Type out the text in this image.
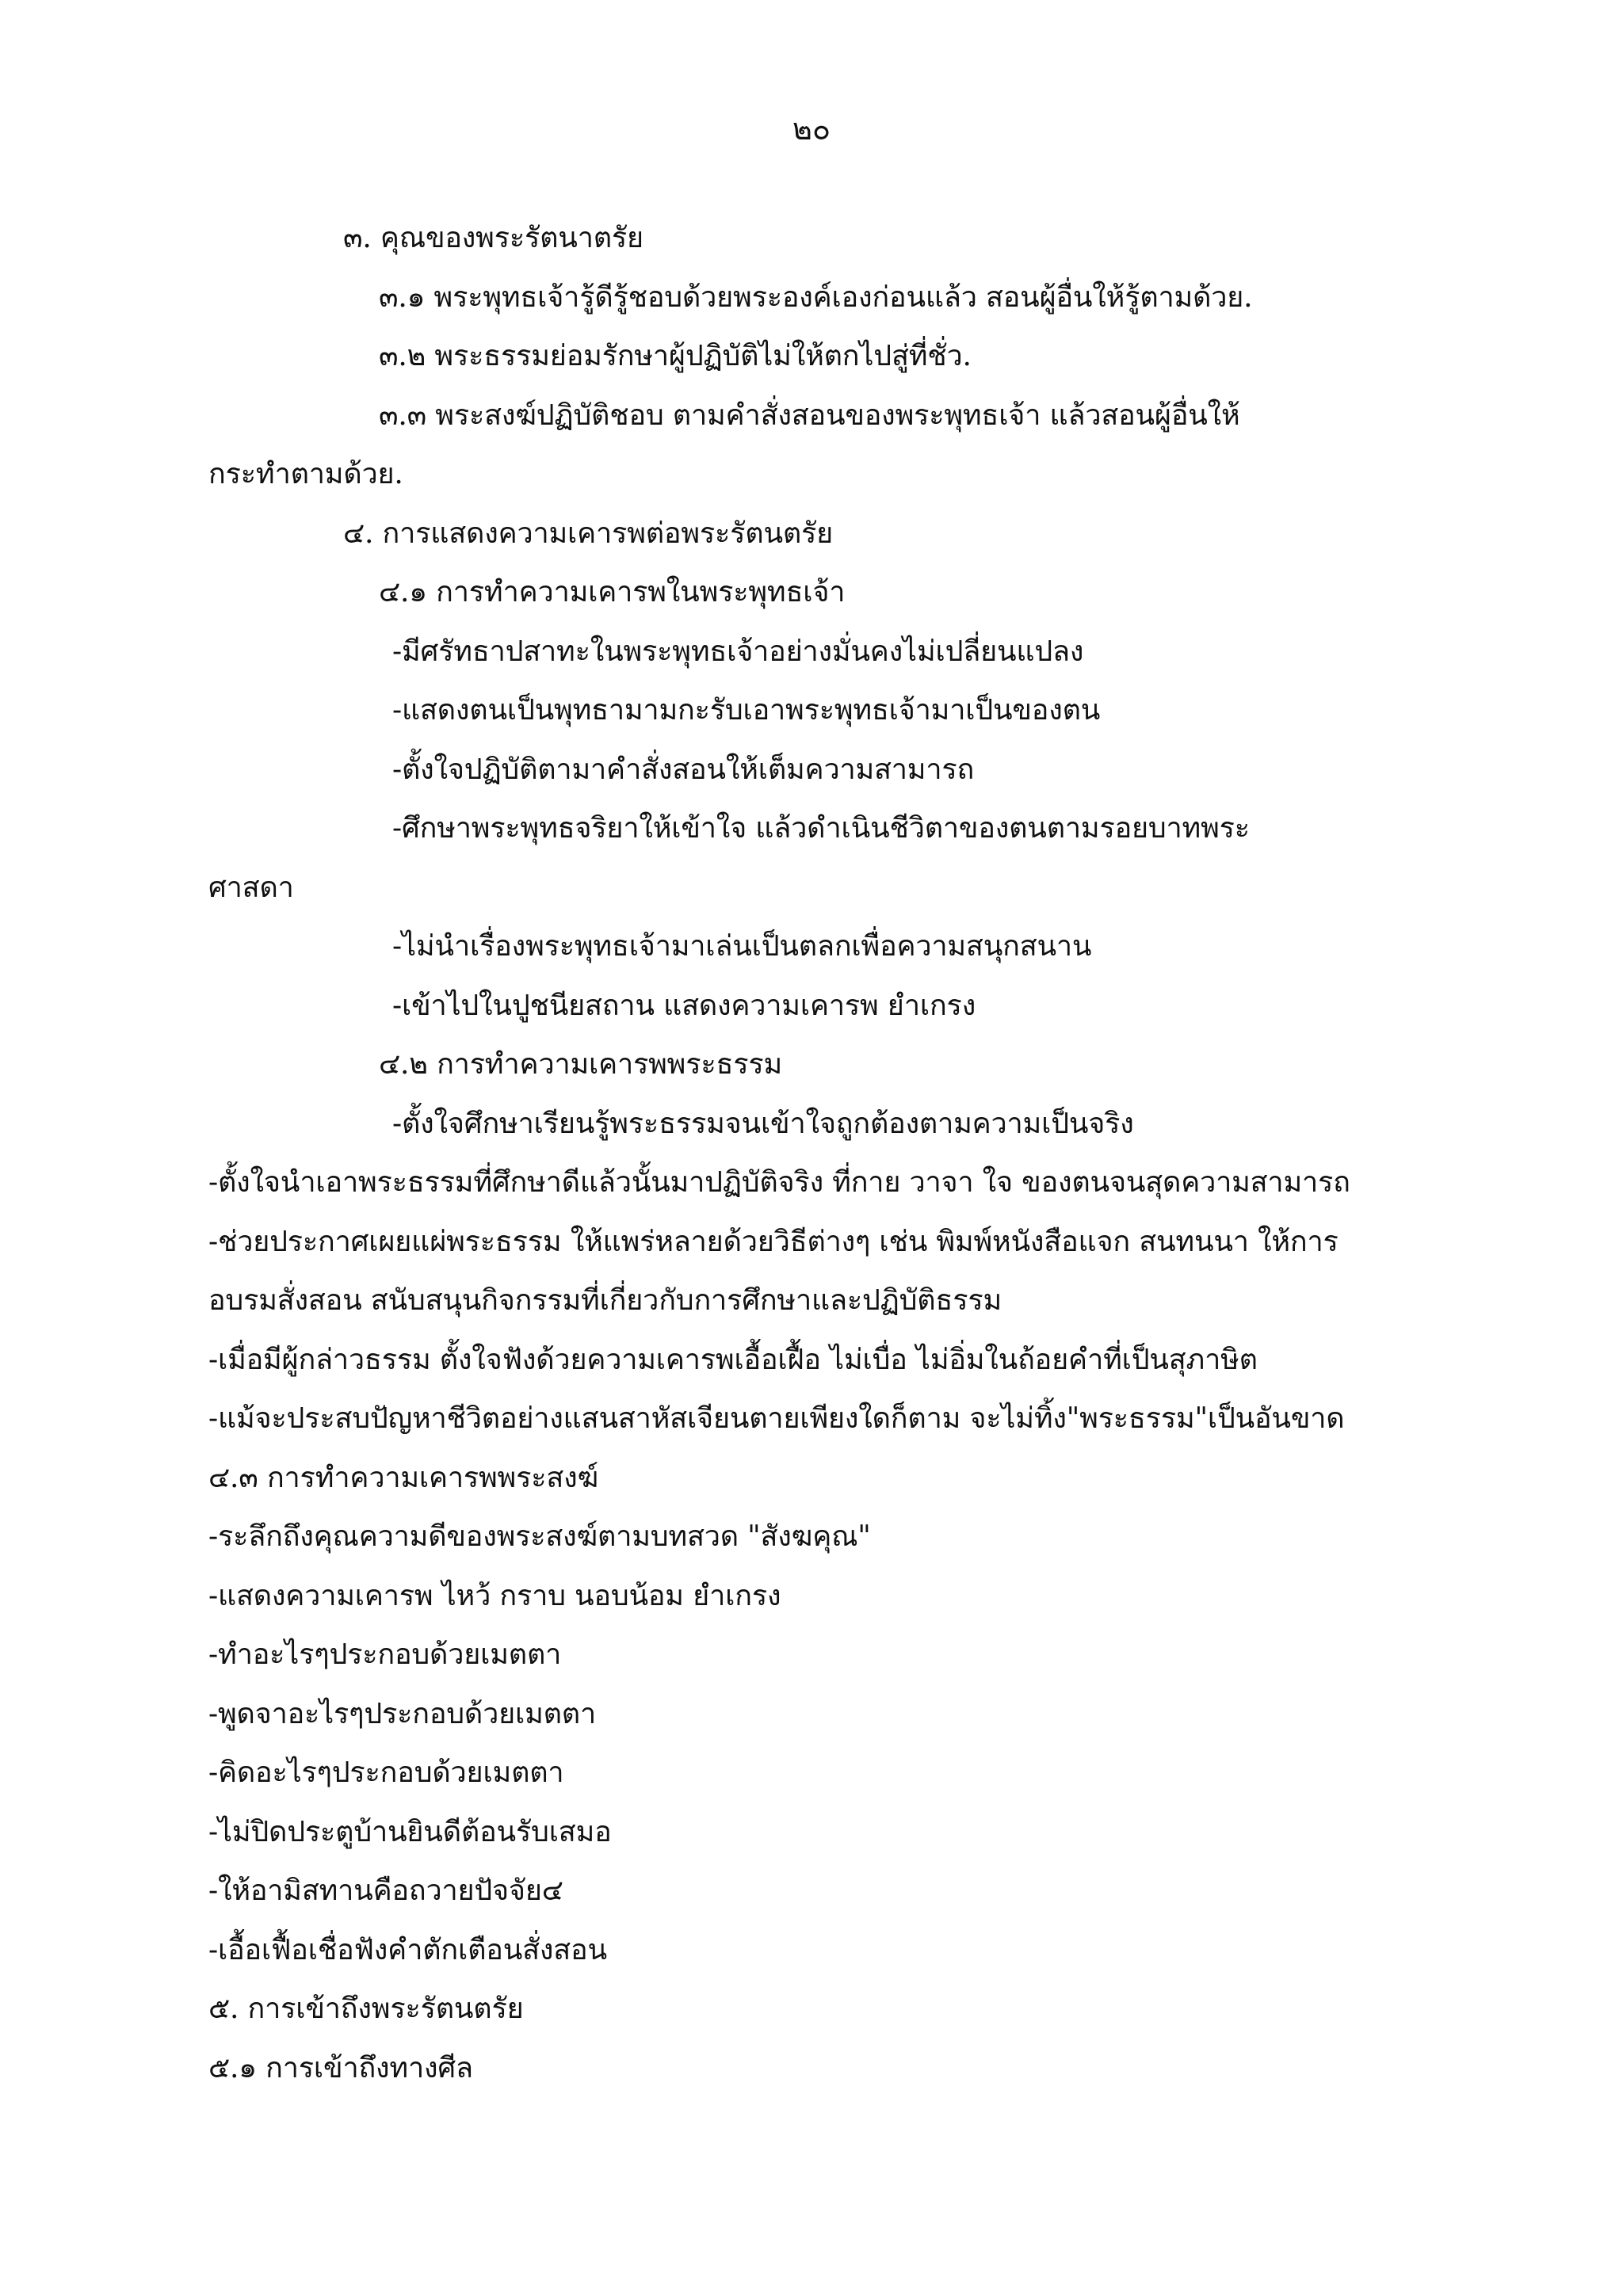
๒๐
๓. คุณของพระรัตนาตรัย
๓.๑ พระพุทธเจ้ารู้ดีรู้ชอบด้วยพระองค์เองก่อนแล้ว สอนผู้อื่นให้รู้ตามด้วย.
๓.๒ พระธรรมย่อมรักษาผู้ปฏิบัติไม่ให้ตกไปสู่ที่ชั่ว.
๓.๓ พระสงฆ์ปฏิบัติชอบ ตามคำสั่งสอนของพระพุทธเจ้า แล้วสอนผู้อื่นให้
กระทำตามด้วย.
๔. การแสดงความเคารพต่อพระรัตนตรัย
๔.๑ การทำความเคารพในพระพุทธเจ้า
-มีศรัทธาปสาทะในพระพุทธเจ้าอย่างมั่นคงไม่เปลี่ยนแปลง
-แสดงตนเป็นพุทธามามกะรับเอาพระพุทธเจ้ามาเป็นของตน
-ตั้งใจปฏิบัติตามาคำสั่งสอนให้เต็มความสามารถ
-ศึกษาพระพุทธจริยาให้เข้าใจ แล้วดำเนินชีวิตาของตนตามรอยบาทพระ
ศาสดา
-ไม่นำเรื่องพระพุทธเจ้ามาเล่นเป็นตลกเพื่อความสนุกสนาน
-เข้าไปในปูชนียสถาน แสดงความเคารพ ยำเกรง
๔.๒ การทำความเคารพพระธรรม
-ตั้งใจศึกษาเรียนรู้พระธรรมจนเข้าใจถูกต้องตามความเป็นจริง
-ตั้งใจนำเอาพระธรรมที่ศึกษาดีแล้วนั้นมาปฏิบัติจริง ที่กาย วาจา ใจ ของตนจนสุดความสามารถ
-ช่วยประกาศเผยแผ่พระธรรม ให้แพร่หลายด้วยวิธีต่างๆ เช่น พิมพ์หนังสือแจก สนทนนา ให้การ
อบรมสั่งสอน สนับสนุนกิจกรรมที่เกี่ยวกับการศึกษาและปฏิบัติธรรม
-เมื่อมีผู้กล่าวธรรม ตั้งใจฟังด้วยความเคารพเอื้อเฝื้อ ไม่เบื่อ ไม่อิ่มในถ้อยคำที่เป็นสุภาษิต
-แม้จะประสบปัญหาชีวิตอย่างแสนสาหัสเจียนตายเพียงใดก็ตาม จะไม่ทิ้ง"พระธรรม"เป็นอันขาด
๔.๓ การทำความเคารพพระสงฆ์
-ระลึกถึงคุณความดีของพระสงฆ์ตามบทสวด "สังฆคุณ"
-แสดงความเคารพ ไหว้ กราบ นอบน้อม ยำเกรง
-ทำอะไรๆประกอบด้วยเมตตา
-พูดจาอะไรๆประกอบด้วยเมตตา
-คิดอะไรๆประกอบด้วยเมตตา
-ไม่ปิดประตูบ้านยินดีต้อนรับเสมอ
-ให้อามิสทานคือถวายปัจจัย๔
-เอื้อเฟื้อเชื่อฟังคำตักเตือนสั่งสอน
๕. การเข้าถึงพระรัตนตรัย
๕.๑ การเข้าถึงทางศีล
